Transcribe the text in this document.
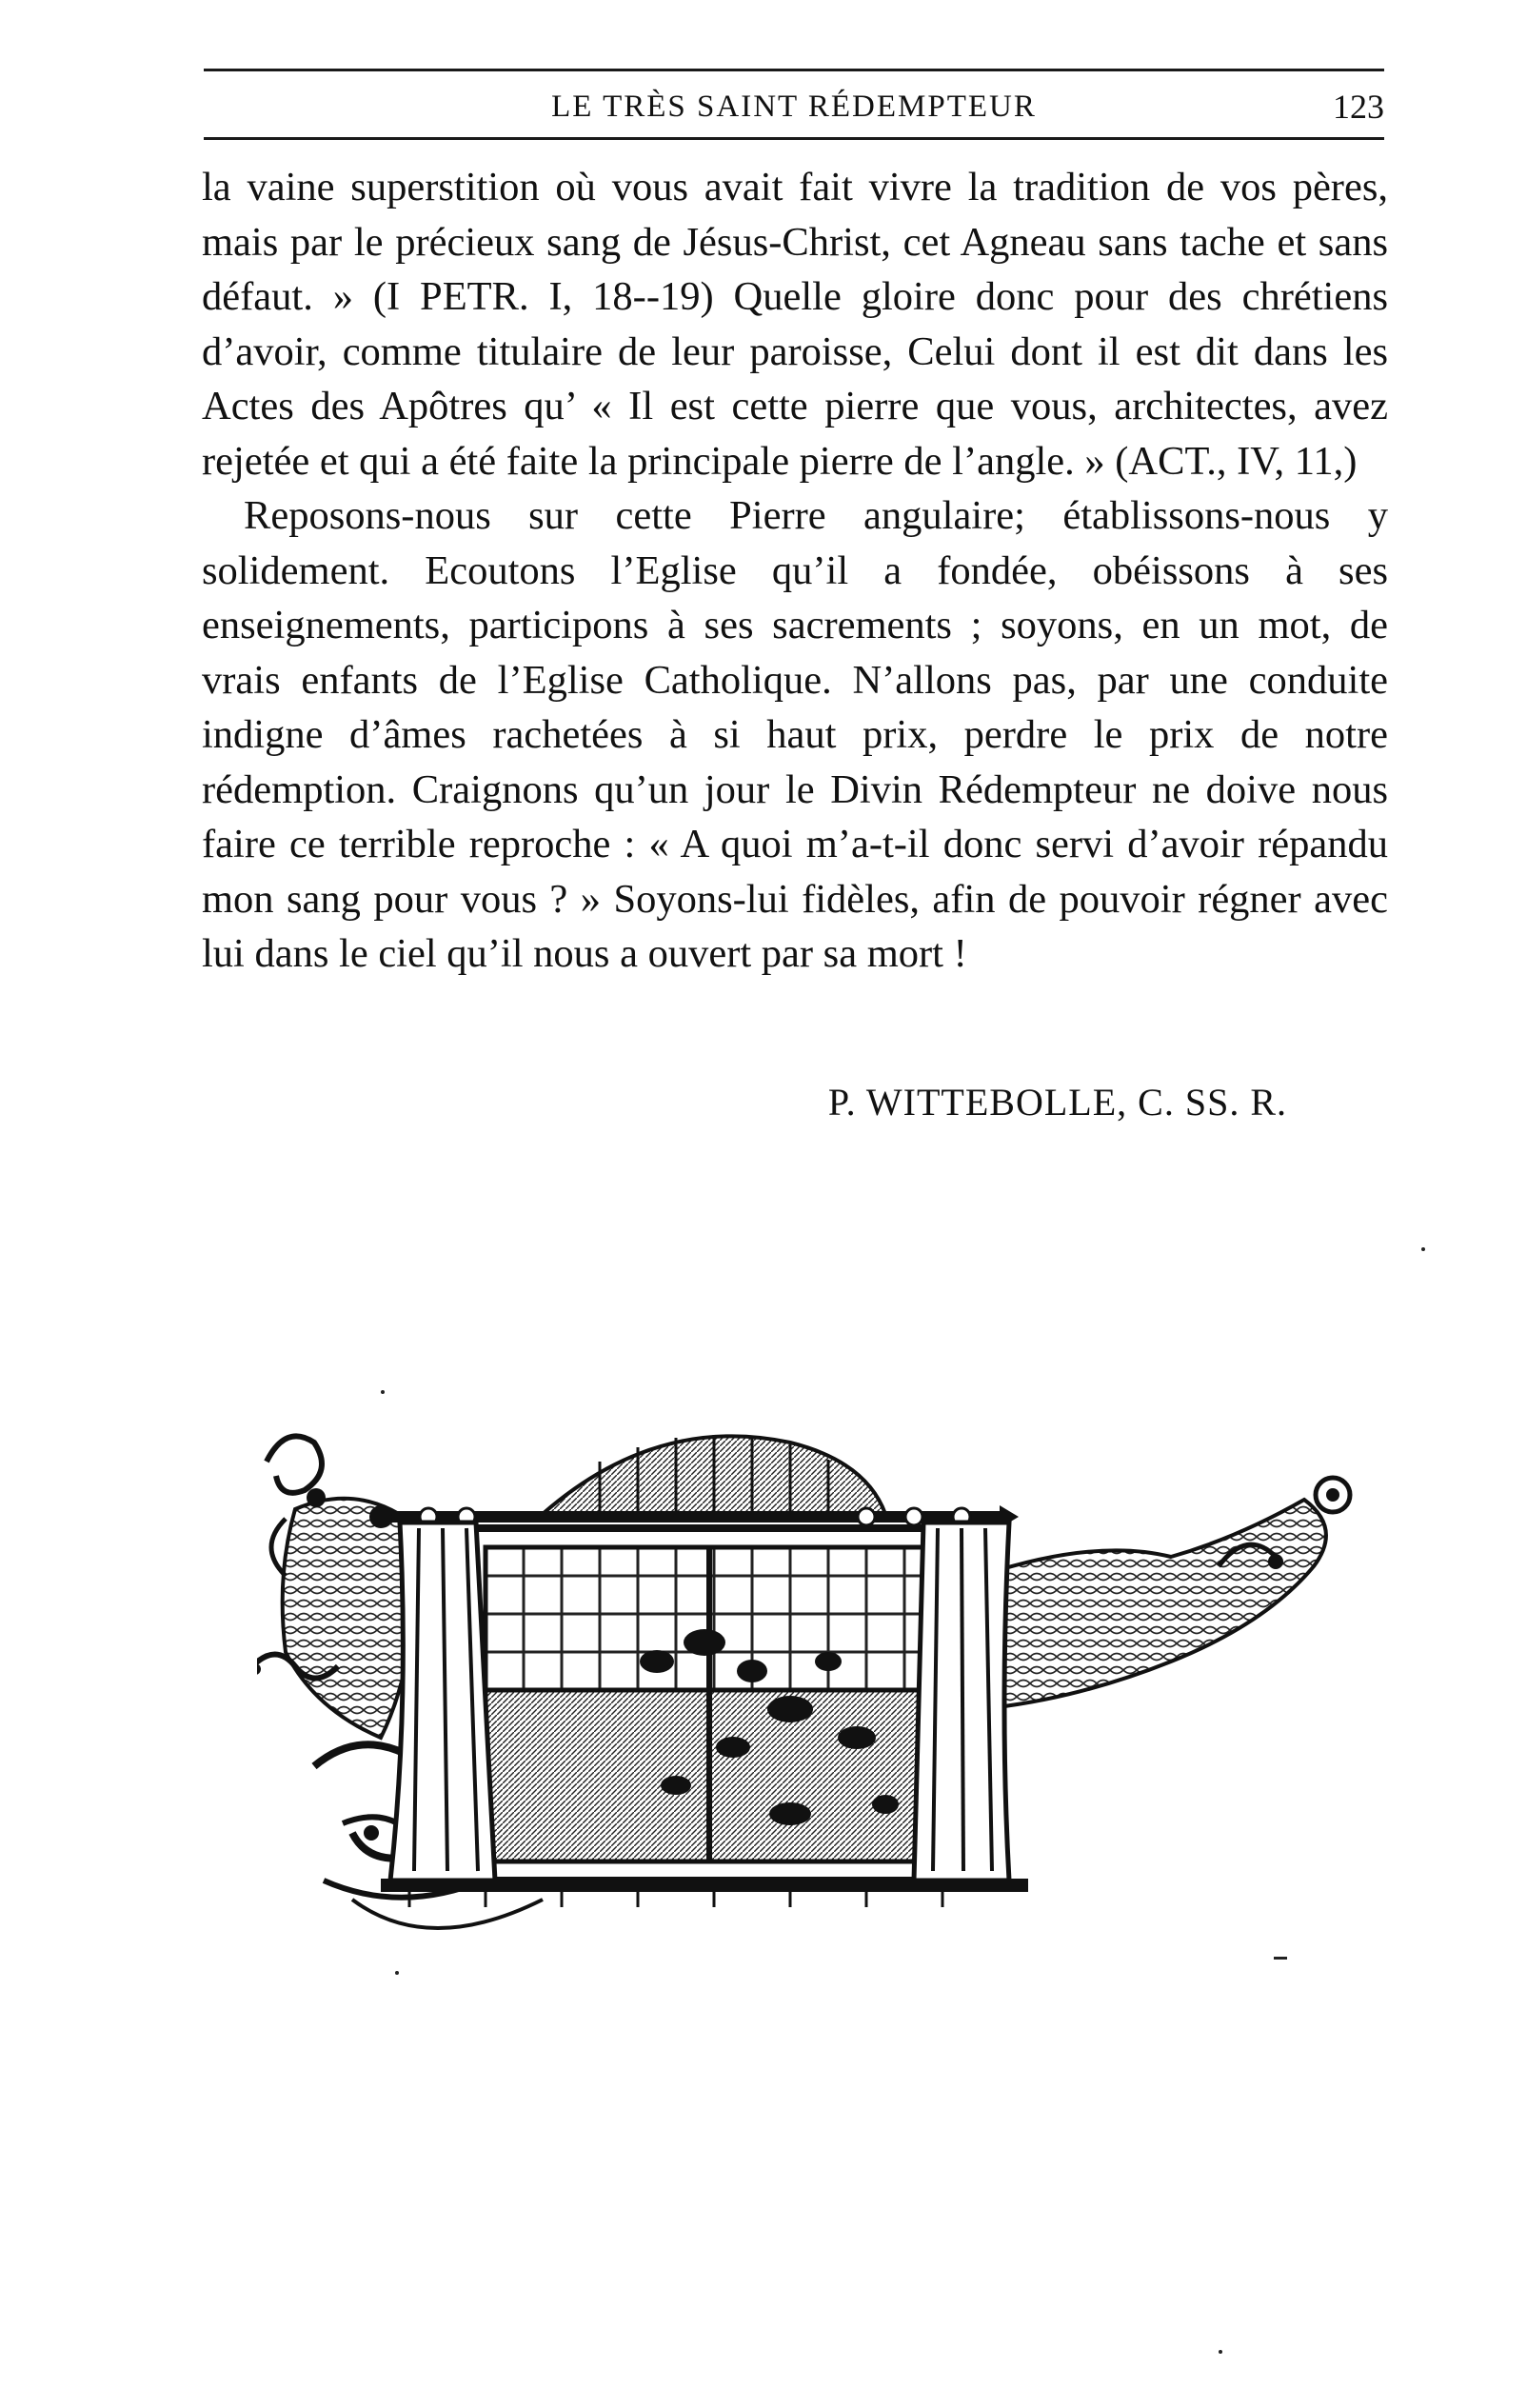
LE TRÈS SAINT RÉDEMPTEUR	123

la vaine superstition où vous avait fait vivre la tradition de vos pères, mais par le précieux sang de Jésus-Christ, cet Agneau sans tache et sans défaut. » (I PETR. I, 18--19) Quelle gloire donc pour des chrétiens d’avoir, comme titulaire de leur paroisse, Celui dont il est dit dans les Actes des Apôtres qu’ « Il est cette pierre que vous, architectes, avez rejetée et qui a été faite la principale pierre de l’angle. » (ACT., IV, 11,)

Reposons-nous sur cette Pierre angulaire; établissons-nous y solidement. Ecoutons l’Eglise qu’il a fondée, obéissons à ses enseignements, participons à ses sacrements ; soyons, en un mot, de vrais enfants de l’Eglise Catholique. N’allons pas, par une conduite indigne d’âmes rachetées à si haut prix, perdre le prix de notre rédemption. Craignons qu’un jour le Divin Rédempteur ne doive nous faire ce terrible reproche : « A quoi m’a-t-il donc servi d’avoir répandu mon sang pour vous ? » Soyons-lui fidèles, afin de pouvoir régner avec lui dans le ciel qu’il nous a ouvert par sa mort !

P. WITTEBOLLE, C. SS. R.
